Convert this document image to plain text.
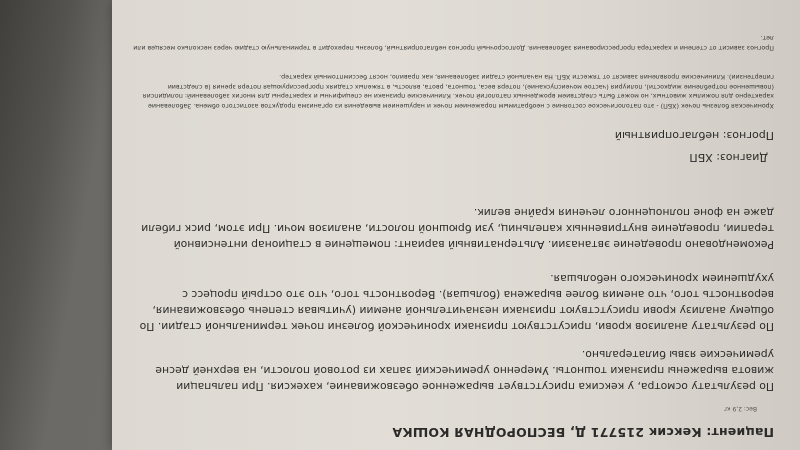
Пациент: Кексик 215771 Д, БЕСПОРОДНАЯ КОШКА
Вес: 2,9 кг
По результату осмотра, у кексика присутствует выраженное обезвоживание, кахексия. При пальпации живота выражены признаки тошноты. Умеренно уремический запах из ротовой полости, на верхней десне уремические язвы билатерально.
По результату анализов крови, присутствуют признаки хронической болезни почек терминальной стадии. По общему анализу крови присутствуют признаки незначительной анемии (учитывая степень обезвоживания, вероятность того, что анемия более выражена (большая). Вероятность того, что это острый процесс с ухудшением хронического небольшая.
Рекомендовано проведение эвтаназии. Альтернативный вариант: помещение в стационар интенсивной терапии, проведение внутривенных капельниц, узи брюшной полости, анализов мочи. При этом, риск гибели даже на фоне полноценного лечения крайне велик.
Диагноз: ХБП
Прогноз: неблагоприятный
Хроническая болезнь почек (ХБП) - это патологическое состояние с необратимым поражением почек и нарушением выведения из организма продуктов азотистого обмена. Заболевание характерно для пожилых животных, но может быть следствием врожденных патологий почек. Клинические признаки не специфичны и характерны для многих заболеваний: полидипсия (повышенное потребление жидкости), полиурия (частое мочеиспускание), потеря веса, тошнота, рвота, вялость, в тяжелых стадиях прогрессирующая потеря зрения (в следствии гипертензии). Клинические проявления зависят от тяжести ХБП. На начальной стадии заболевания, как правило, носят бессимптомный характер.
Прогноз зависит от степени и характера прогрессирования заболевания. Долгосрочный прогноз неблагоприятный, болезнь переходит в терминальную стадию через несколько месяцев или лет.
